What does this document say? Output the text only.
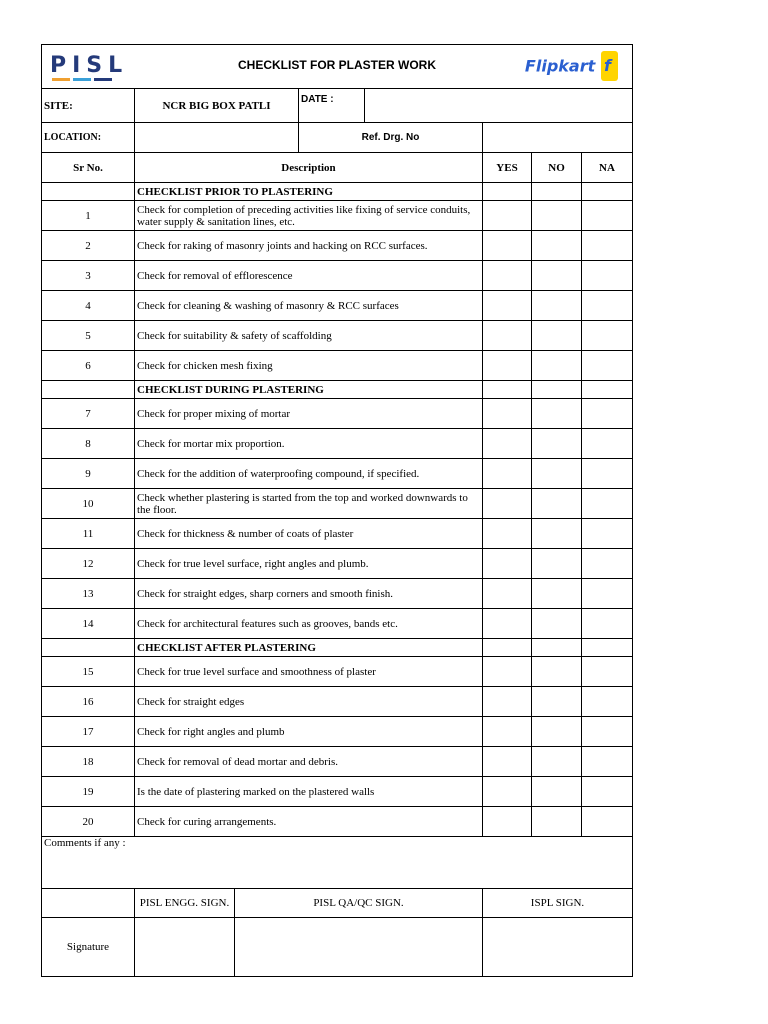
PISL CHECKLIST FOR PLASTER WORK Flipkart f							

SITE:	NCR BIG BOX PATLI		DATE :				
LOCATION:			Ref. Drg. No				
Sr No.	Description				YES	NO	NA
	CHECKLIST PRIOR TO PLASTERING						
1	Check for completion of preceding activities like fixing of service conduits, water supply & sanitation lines, etc.						
2	Check for raking of masonry joints and hacking on RCC surfaces.						
3	Check for removal of efflorescence						
4	Check for cleaning & washing of masonry & RCC surfaces						
5	Check for suitability & safety of scaffolding						
6	Check for chicken mesh fixing						
	CHECKLIST DURING PLASTERING						
7	Check for proper mixing of mortar						
8	Check for mortar mix proportion.						
9	Check for the addition of waterproofing compound, if specified.						
10	Check whether plastering is started from the top and worked downwards to the floor.						
11	Check for thickness & number of coats of plaster						
12	Check for true level surface, right angles and plumb.						
13	Check for straight edges, sharp corners and smooth finish.						
14	Check for architectural features such as grooves, bands etc.						
	CHECKLIST AFTER PLASTERING						
15	Check for true level surface and smoothness of plaster						
16	Check for straight edges						
17	Check for right angles and plumb						
18	Check for removal of dead mortar and debris.						
19	Is the date of plastering marked on the plastered walls						
20	Check for curing arrangements.						
Comments if any :							
	PISL ENGG. SIGN.	PISL QA/QC SIGN.			ISPL SIGN.		
Signature							
